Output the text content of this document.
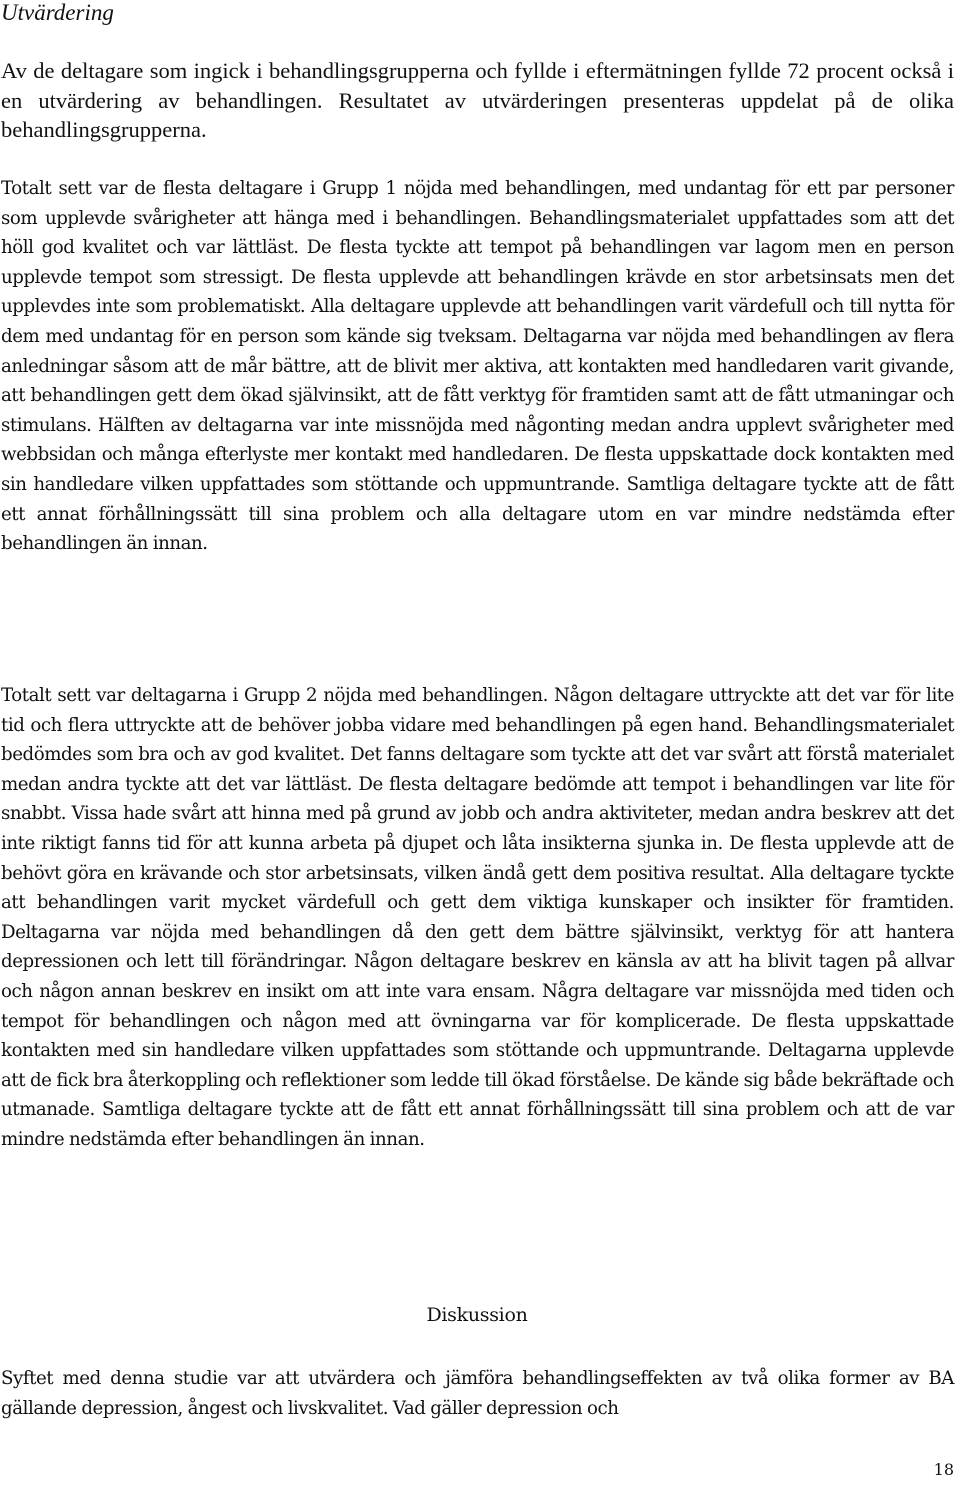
Utvärdering

Av de deltagare som ingick i behandlingsgrupperna och fyllde i eftermätningen fyllde 72 procent också i en utvärdering av behandlingen. Resultatet av utvärderingen presenteras uppdelat på de olika behandlingsgrupperna.

Totalt sett var de flesta deltagare i Grupp 1 nöjda med behandlingen, med undantag för ett par personer som upplevde svårigheter att hänga med i behandlingen. Behandlingsmaterialet uppfattades som att det höll god kvalitet och var lättläst. De flesta tyckte att tempot på behandlingen var lagom men en person upplevde tempot som stressigt. De flesta upplevde att behandlingen krävde en stor arbetsinsats men det upplevdes inte som problematiskt. Alla deltagare upplevde att behandlingen varit värdefull och till nytta för dem med undantag för en person som kände sig tveksam. Deltagarna var nöjda med behandlingen av flera anledningar såsom att de mår bättre, att de blivit mer aktiva, att kontakten med handledaren varit givande, att behandlingen gett dem ökad självinsikt, att de fått verktyg för framtiden samt att de fått utmaningar och stimulans. Hälften av deltagarna var inte missnöjda med någonting medan andra upplevt svårigheter med webbsidan och många efterlyste mer kontakt med handledaren. De flesta uppskattade dock kontakten med sin handledare vilken uppfattades som stöttande och uppmuntrande. Samtliga deltagare tyckte att de fått ett annat förhållningssätt till sina problem och alla deltagare utom en var mindre nedstämda efter behandlingen än innan.

Totalt sett var deltagarna i Grupp 2 nöjda med behandlingen. Någon deltagare uttryckte att det var för lite tid och flera uttryckte att de behöver jobba vidare med behandlingen på egen hand. Behandlingsmaterialet bedömdes som bra och av god kvalitet. Det fanns deltagare som tyckte att det var svårt att förstå materialet medan andra tyckte att det var lättläst. De flesta deltagare bedömde att tempot i behandlingen var lite för snabbt. Vissa hade svårt att hinna med på grund av jobb och andra aktiviteter, medan andra beskrev att det inte riktigt fanns tid för att kunna arbeta på djupet och låta insikterna sjunka in. De flesta upplevde att de behövt göra en krävande och stor arbetsinsats, vilken ändå gett dem positiva resultat. Alla deltagare tyckte att behandlingen varit mycket värdefull och gett dem viktiga kunskaper och insikter för framtiden. Deltagarna var nöjda med behandlingen då den gett dem bättre självinsikt, verktyg för att hantera depressionen och lett till förändringar. Någon deltagare beskrev en känsla av att ha blivit tagen på allvar och någon annan beskrev en insikt om att inte vara ensam. Några deltagare var missnöjda med tiden och tempot för behandlingen och någon med att övningarna var för komplicerade. De flesta uppskattade kontakten med sin handledare vilken uppfattades som stöttande och uppmuntrande. Deltagarna upplevde att de fick bra återkoppling och reflektioner som ledde till ökad förståelse. De kände sig både bekräftade och utmanade. Samtliga deltagare tyckte att de fått ett annat förhållningssätt till sina problem och att de var mindre nedstämda efter behandlingen än innan.

Diskussion

Syftet med denna studie var att utvärdera och jämföra behandlingseffekten av två olika former av BA gällande depression, ångest och livskvalitet. Vad gäller depression och

18
